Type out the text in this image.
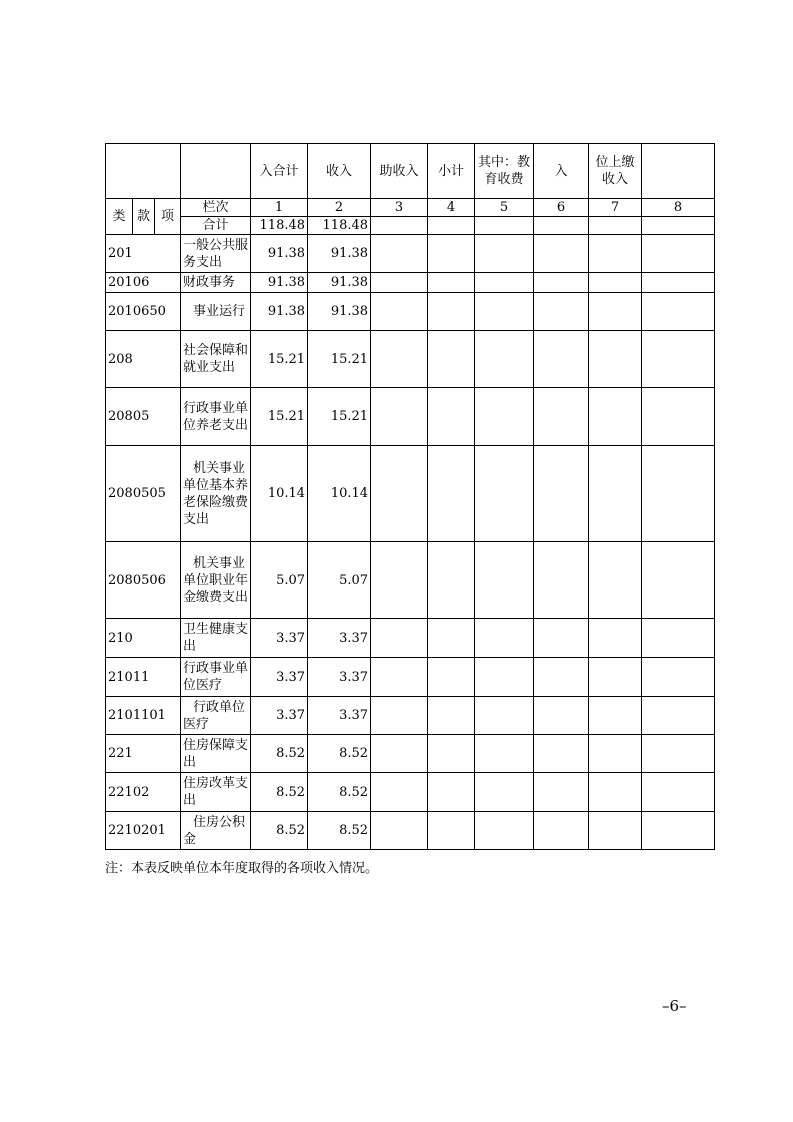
				入合计	收入	助收入	小计	其中：教育收费	入	位上缴收入	
类	款	项	栏次	1	2	3	4	5	6	7	8
			合计	118.48	118.48						
201			一般公共服务支出	91.38	91.38						
20106			财政事务	91.38	91.38						
2010650			事业运行	91.38	91.38						
208			社会保障和就业支出	15.21	15.21						
20805			行政事业单位养老支出	15.21	15.21						
2080505			机关事业单位基本养老保险缴费支出	10.14	10.14						
2080506			机关事业单位职业年金缴费支出	5.07	5.07						
210			卫生健康支出	3.37	3.37						
21011			行政事业单位医疗	3.37	3.37						
2101101			行政单位医疗	3.37	3.37						
221			住房保障支出	8.52	8.52						
22102			住房改革支出	8.52	8.52						
2210201			住房公积金	8.52	8.52						
注：本表反映单位本年度取得的各项收入情况。
–6–
